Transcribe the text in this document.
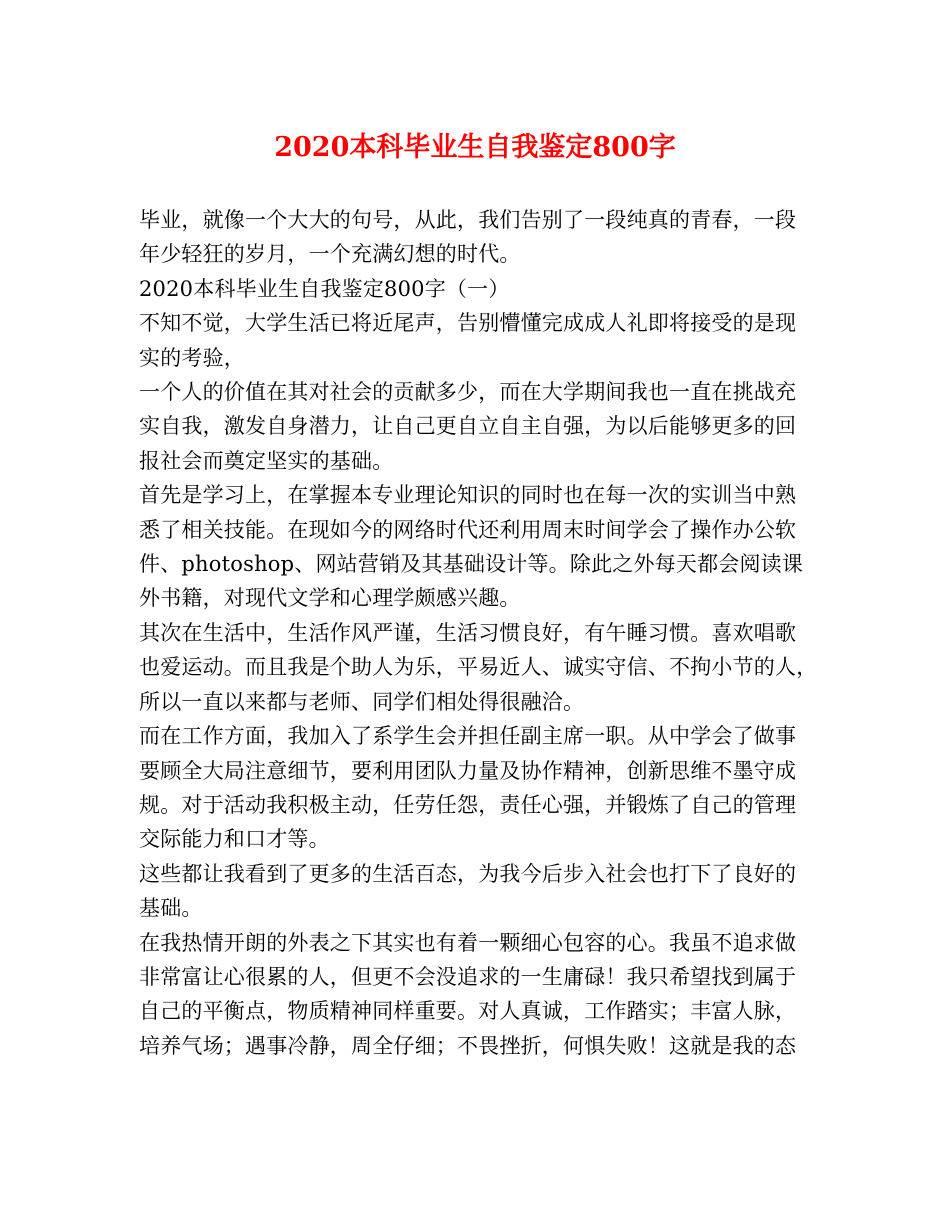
2020本科毕业生自我鉴定800字
毕业，就像一个大大的句号，从此，我们告别了一段纯真的青春，一段
年少轻狂的岁月，一个充满幻想的时代。
2020本科毕业生自我鉴定800字（一）
不知不觉，大学生活已将近尾声，告别懵懂完成成人礼即将接受的是现
实的考验，
一个人的价值在其对社会的贡献多少，而在大学期间我也一直在挑战充
实自我，激发自身潜力，让自己更自立自主自强，为以后能够更多的回
报社会而奠定坚实的基础。
首先是学习上，在掌握本专业理论知识的同时也在每一次的实训当中熟
悉了相关技能。在现如今的网络时代还利用周末时间学会了操作办公软
件、photoshop、网站营销及其基础设计等。除此之外每天都会阅读课
外书籍，对现代文学和心理学颇感兴趣。
其次在生活中，生活作风严谨，生活习惯良好，有午睡习惯。喜欢唱歌
也爱运动。而且我是个助人为乐，平易近人、诚实守信、不拘小节的人，
所以一直以来都与老师、同学们相处得很融洽。
而在工作方面，我加入了系学生会并担任副主席一职。从中学会了做事
要顾全大局注意细节，要利用团队力量及协作精神，创新思维不墨守成
规。对于活动我积极主动，任劳任怨，责任心强，并锻炼了自己的管理
交际能力和口才等。
这些都让我看到了更多的生活百态，为我今后步入社会也打下了良好的
基础。
在我热情开朗的外表之下其实也有着一颗细心包容的心。我虽不追求做
非常富让心很累的人，但更不会没追求的一生庸碌！我只希望找到属于
自己的平衡点，物质精神同样重要。对人真诚，工作踏实；丰富人脉，
培养气场；遇事冷静，周全仔细；不畏挫折，何惧失败！这就是我的态
